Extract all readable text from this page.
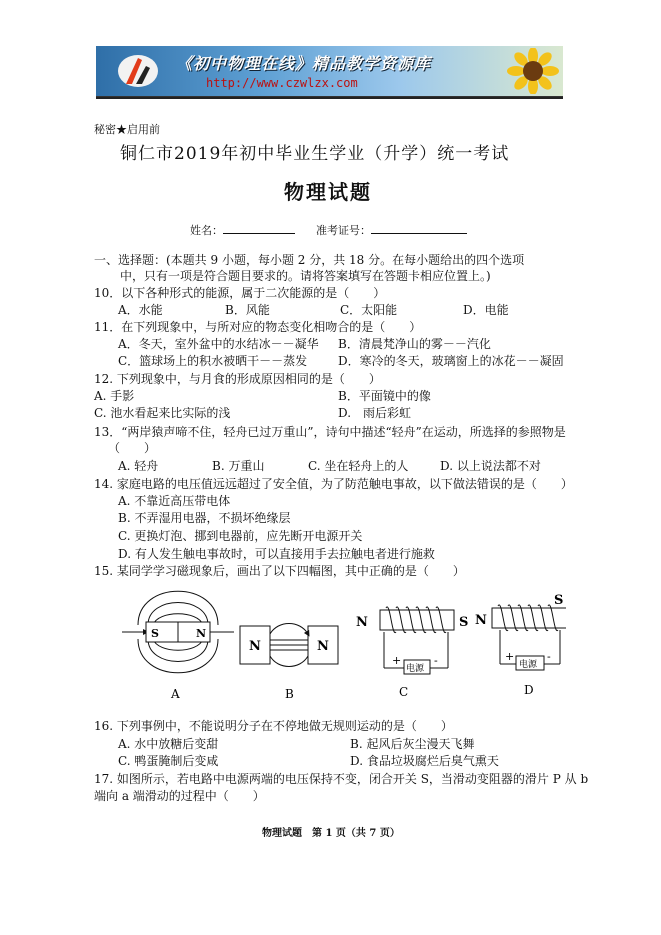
《初中物理在线》精品教学资源库
http://www.czwlzx.com
秘密★启用前
铜仁市2019年初中毕业生学业（升学）统一考试
物理试题
姓名：	准考证号：
一、选择题：(本题共 9 小题，每小题 2 分，共 18 分。在每小题给出的四个选项
中，只有一项是符合题目要求的。请将答案填写在答题卡相应位置上。)
10．以下各种形式的能源，属于二次能源的是（　　）
A．水能	B．风能	C．太阳能	D．电能
11．在下列现象中，与所对应的物态变化相吻合的是（　　）
A．冬天，室外盆中的水结冰－－凝华 B．清晨梵净山的雾－－汽化
C．篮球场上的积水被晒干－－蒸发	D．寒冷的冬天，玻璃窗上的冰花－－凝固
12. 下列现象中，与月食的形成原因相同的是（　　）
A. 手影	B．平面镜中的像
C. 池水看起来比实际的浅	D.　雨后彩虹
13．“两岸猿声啼不住，轻舟已过万重山”，诗句中描述“轻舟”在运动，所选择的参照物是
（　　）
A. 轻舟	B. 万重山	C. 坐在轻舟上的人	D. 以上说法都不对
14. 家庭电路的电压值远远超过了安全值，为了防范触电事故，以下做法错误的是（　　）
A. 不靠近高压带电体
B. 不弄湿用电器，不损坏绝缘层
C. 更换灯泡、挪到电器前，应先断开电源开关
D. 有人发生触电事故时，可以直接用手去拉触电者进行施救
15. 某同学学习磁现象后，画出了以下四幅图，其中正确的是（　　）
S	N
A
N	N
B
N	S
电源
+	-
C
N
S
电源
+	-
D
16. 下列事例中，不能说明分子在不停地做无规则运动的是（　　）
A. 水中放糖后变甜	B. 起风后灰尘漫天飞舞
C. 鸭蛋腌制后变咸	D. 食品垃圾腐烂后臭气熏天
17. 如图所示，若电路中电源两端的电压保持不变，闭合开关 S，当滑动变阻器的滑片 P 从 b
端向 a 端滑动的过程中（　　）
物理试题　第 1 页（共 7 页）
